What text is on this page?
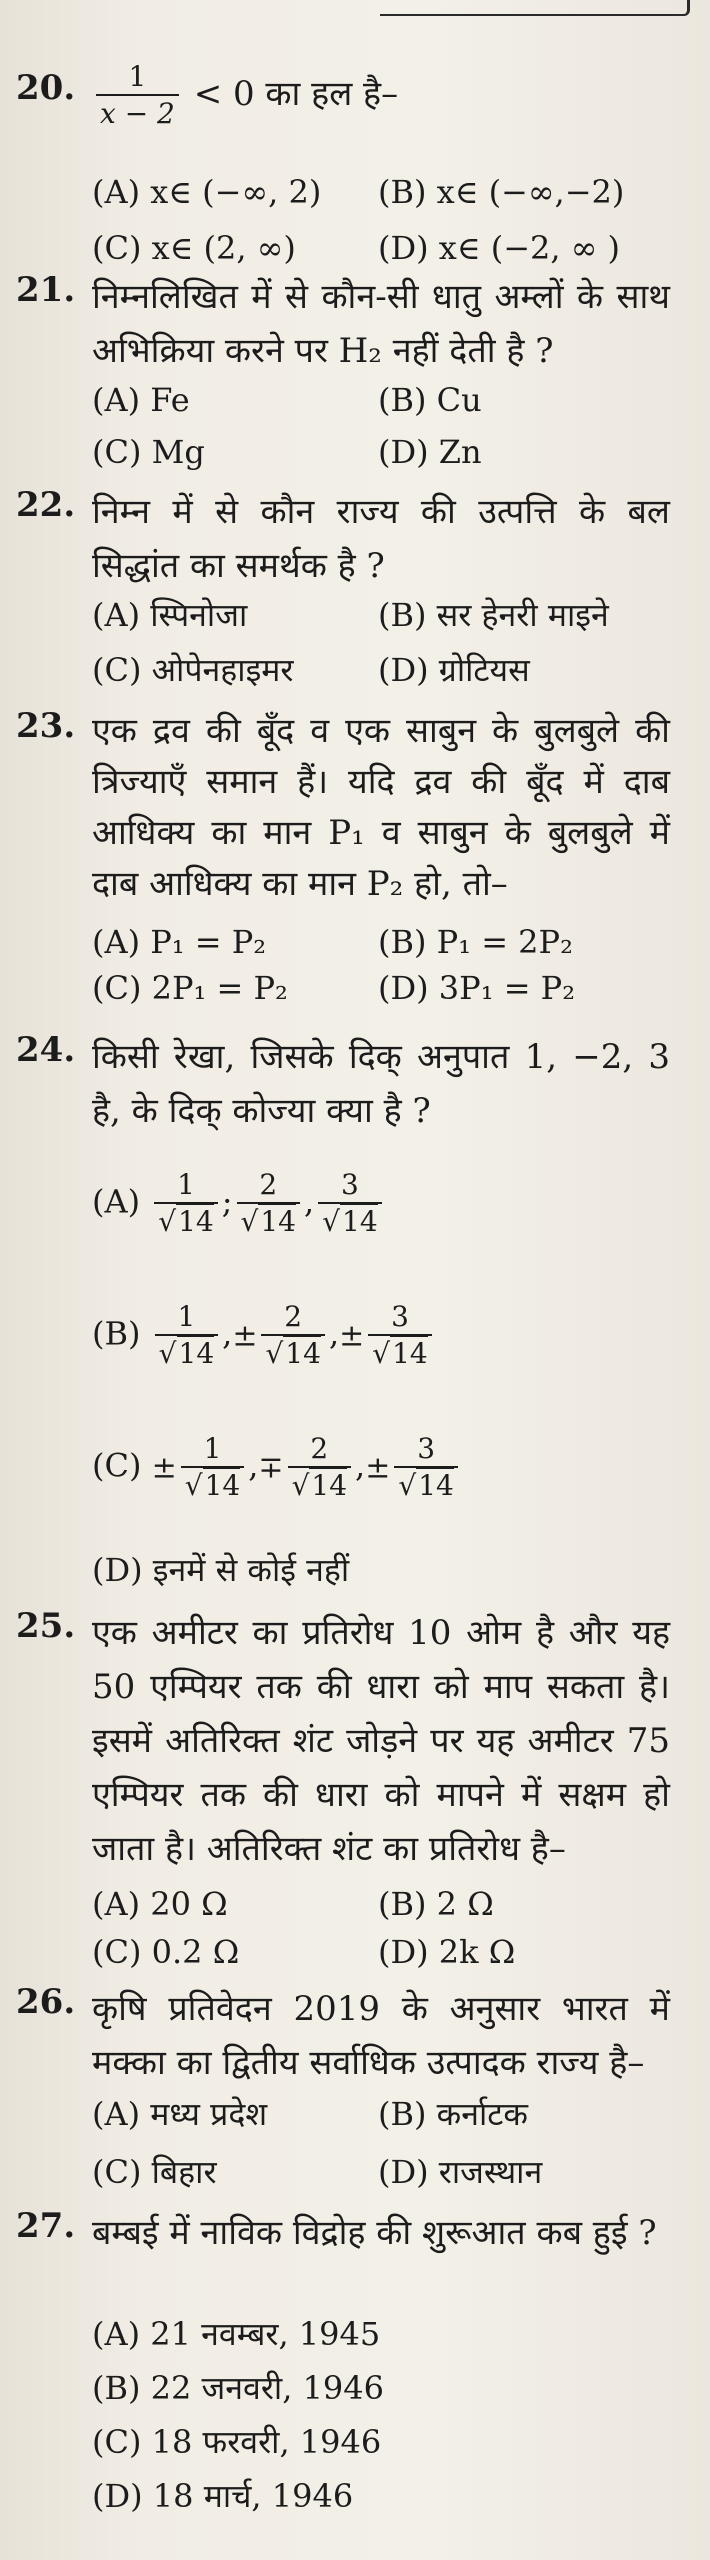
20. $\frac{1}{x - 2} < 0$ का हल है–
(A) x∈ (−∞, 2) (B) x∈ (−∞,−2)
(C) x∈ (2, ∞)	(D) x∈ (−2, ∞ )
21. निम्नलिखित में से कौन-सी धातु अम्लों के साथ अभिक्रिया करने पर H₂ नहीं देती है ?
(A) Fe	(B) Cu
(C) Mg	(D) Zn
22. निम्न में से कौन राज्य की उत्पत्ति के बल सिद्धांत का समर्थक है ?
(A) स्पिनोजा	(B) सर हेनरी माइने
(C) ओपेनहाइमर	(D) ग्रोटियस
23. एक द्रव की बूँद व एक साबुन के बुलबुले की त्रिज्याएँ समान हैं। यदि द्रव की बूँद में दाब आधिक्य का मान P₁ व साबुन के बुलबुले में दाब आधिक्य का मान P₂ हो, तो–
(A) P₁ = P₂	(B) P₁ = 2P₂
(C) 2P₁ = P₂	(D) 3P₁ = P₂
24. किसी रेखा, जिसके दिक् अनुपात 1, −2, 3 है, के दिक् कोज्या क्या है ?
$(A) \frac{1}{√14}$ ; $\frac{2}{√14}$ , $\frac{3}{√14}$
$(B) \frac{1}{√14}$ ,± $\frac{2}{√14}$ ,± $\frac{3}{√14}$
$(C) \pm \frac{1}{√14}$ ,∓ $\frac{2}{√14}$ ,± $\frac{3}{√14}$
(D) इनमें से कोई नहीं
25. एक अमीटर का प्रतिरोध 10 ओम है और यह 50 एम्पियर तक की धारा को माप सकता है। इसमें अतिरिक्त शंट जोड़ने पर यह अमीटर 75 एम्पियर तक की धारा को मापने में सक्षम हो जाता है। अतिरिक्त शंट का प्रतिरोध है–
(A) 20 Ω	(B) 2 Ω
(C) 0.2 Ω	(D) 2k Ω
26. कृषि प्रतिवेदन 2019 के अनुसार भारत में मक्का का द्वितीय सर्वाधिक उत्पादक राज्य है–
(A) मध्य प्रदेश	(B) कर्नाटक
(C) बिहार	(D) राजस्थान
27. बम्बई में नाविक विद्रोह की शुरूआत कब हुई ?
(A) 21 नवम्बर, 1945
(B) 22 जनवरी, 1946
(C) 18 फरवरी, 1946
(D) 18 मार्च, 1946
